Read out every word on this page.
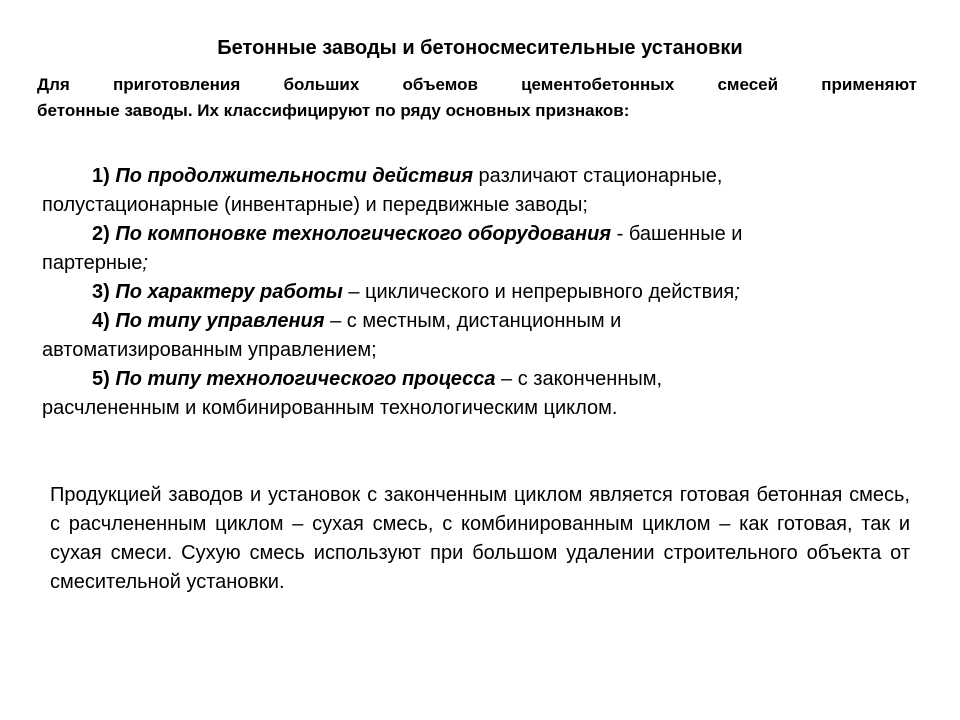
Бетонные заводы и бетоносмесительные установки
Для приготовления больших объемов цементобетонных смесей применяют
бетонные заводы. Их классифицируют по ряду основных признаков:

1) По продолжительности действия различают стационарные,
полустационарные (инвентарные) и передвижные заводы;

2) По компоновке технологического оборудования - башенные и
партерные;

3) По характеру работы – циклического и непрерывного действия;

4) По типу управления – с местным, дистанционным и
автоматизированным управлением;

5) По типу технологического процесса – с законченным,
расчлененным и комбинированным технологическим циклом.

Продукцией заводов и установок с законченным циклом является готовая бетонная смесь, с расчлененным циклом – сухая смесь, с комбинированным циклом – как готовая, так и сухая смеси. Сухую смесь используют при большом удалении строительного объекта от смесительной установки.
